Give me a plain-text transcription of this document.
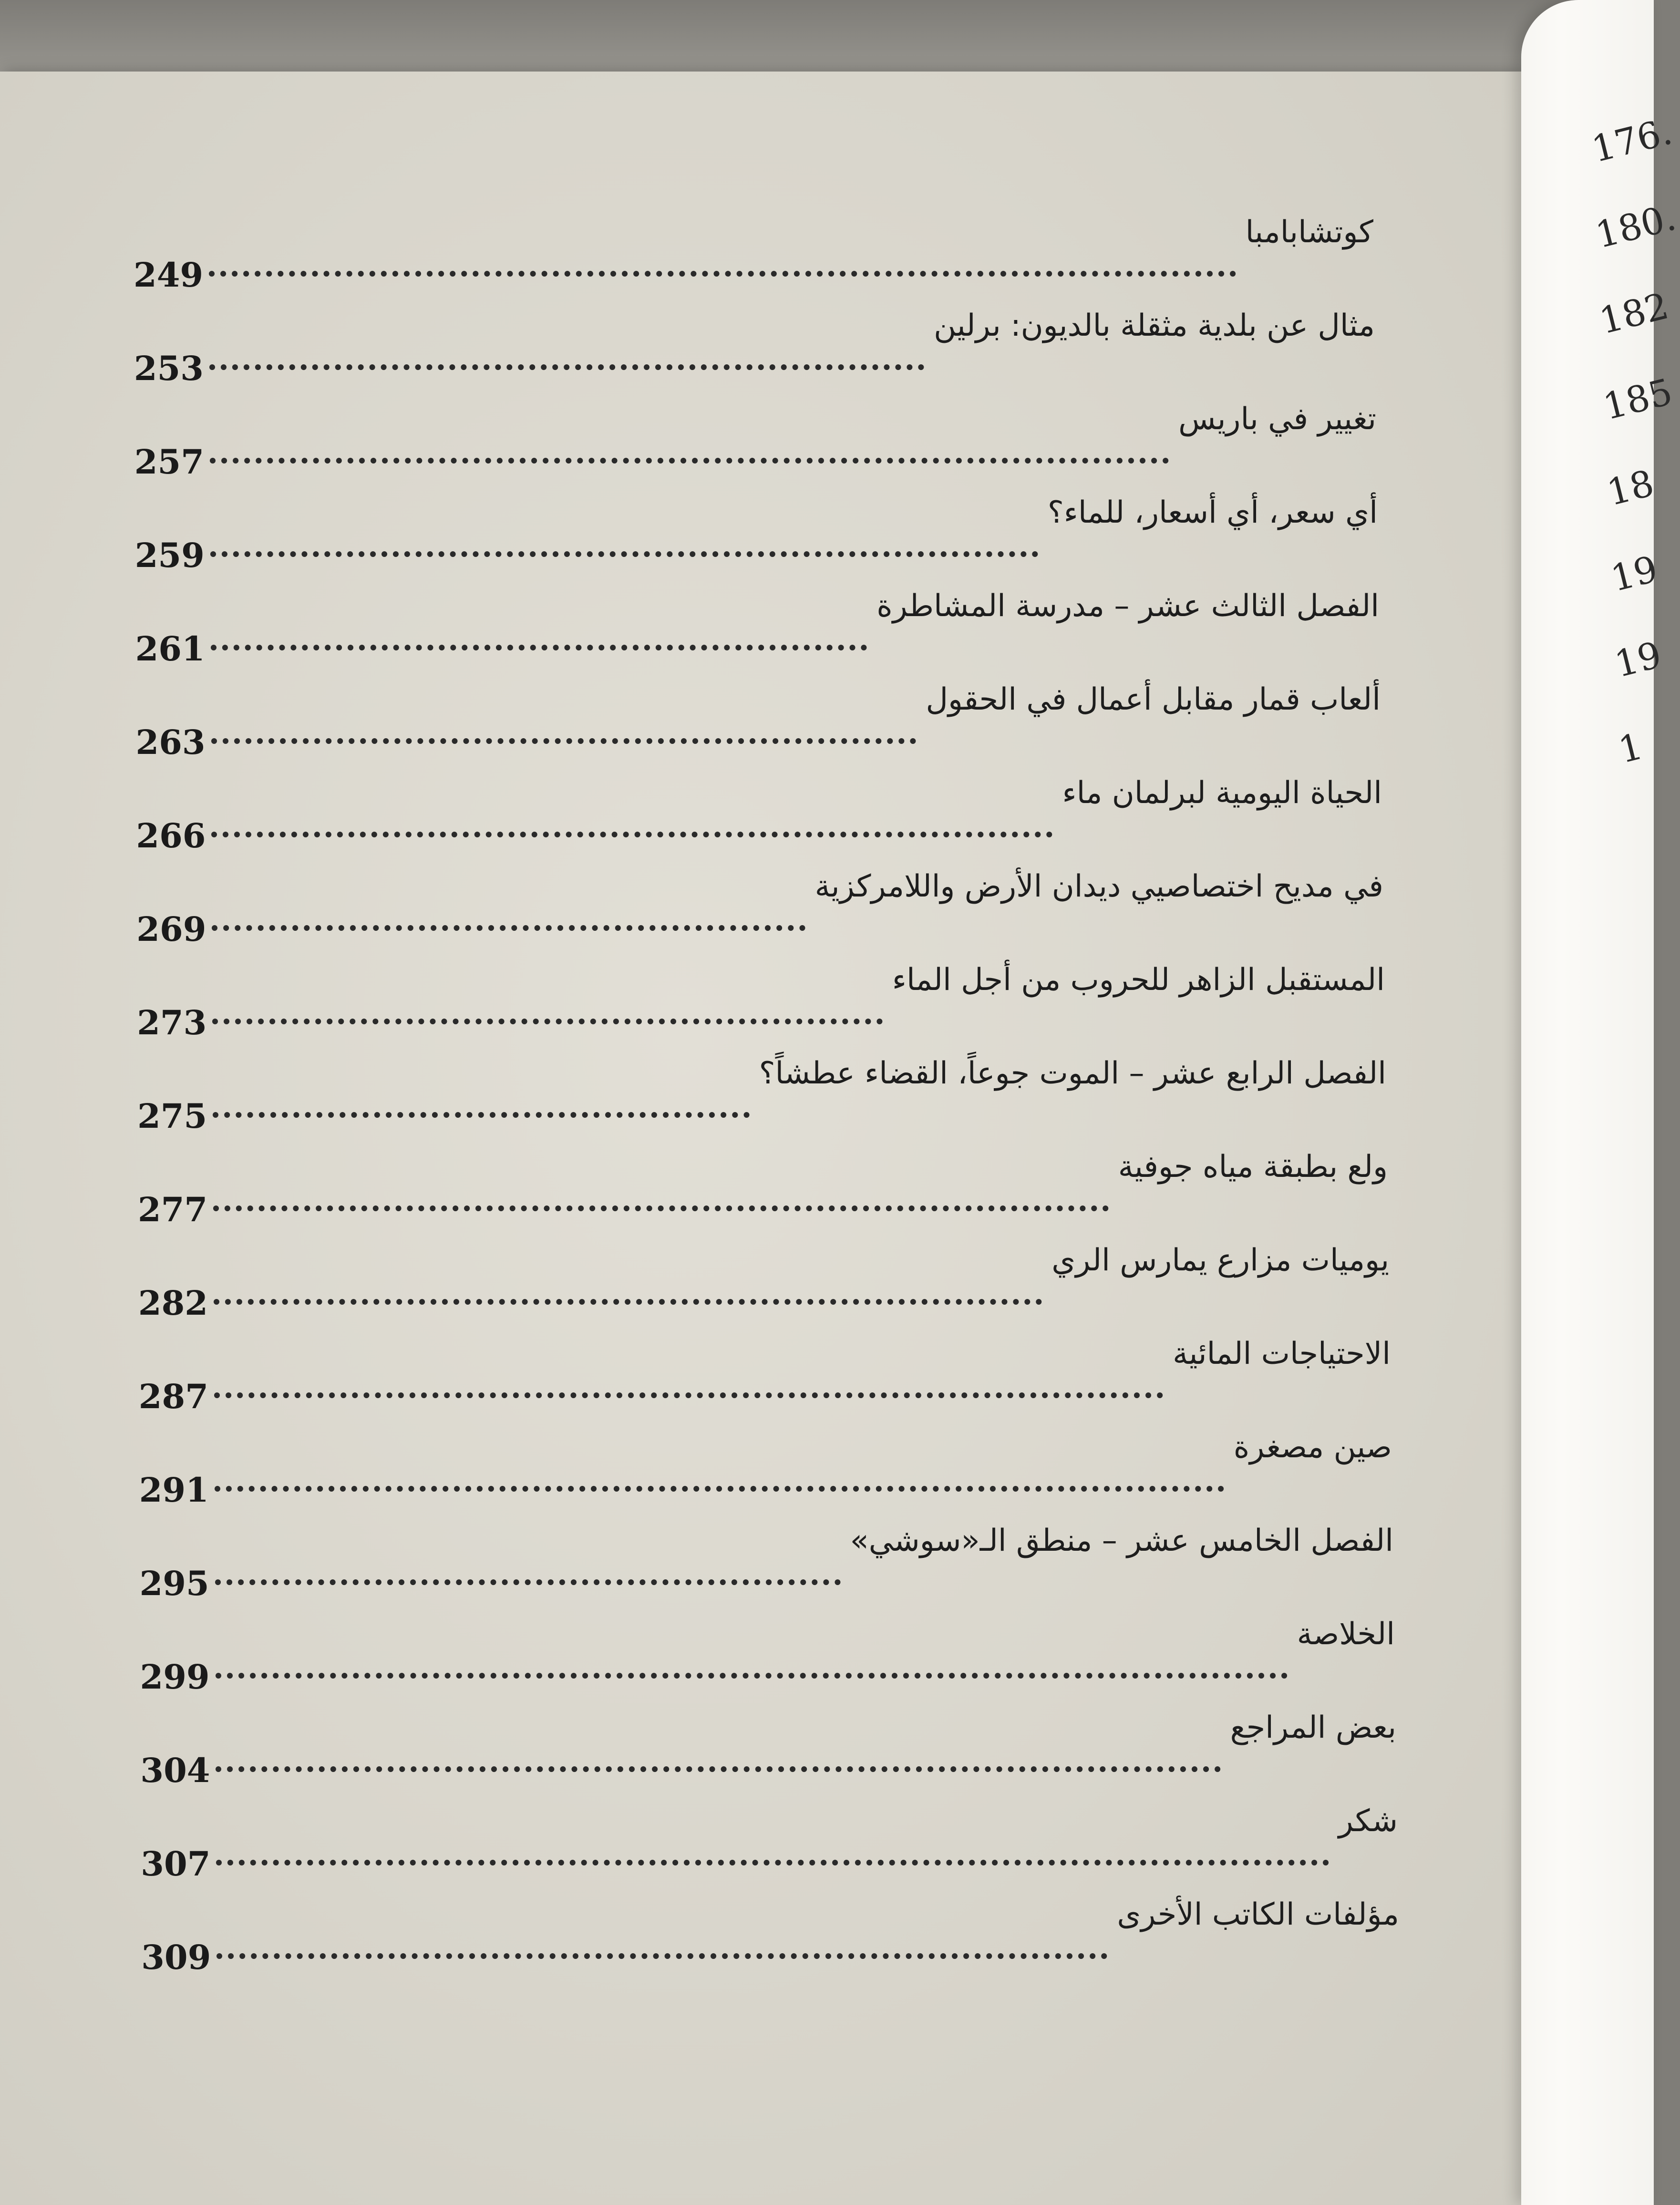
كوتشابامبا
249
مثال عن بلدية مثقلة بالديون: برلين
253
تغيير في باريس
257
أي سعر، أي أسعار، للماء؟
259
الفصل الثالث عشر – مدرسة المشاطرة
261
ألعاب قمار مقابل أعمال في الحقول
263
الحياة اليومية لبرلمان ماء
266
في مديح اختصاصيي ديدان الأرض واللامركزية
269
المستقبل الزاهر للحروب من أجل الماء
273
الفصل الرابع عشر – الموت جوعاً، القضاء عطشاً؟
275
ولع بطبقة مياه جوفية
277
يوميات مزارع يمارس الري
282
الاحتياجات المائية
287
صين مصغرة
291
الفصل الخامس عشر – منطق الـ«سوشي»
295
الخلاصة
299
بعض المراجع
304
شكر
307
مؤلفات الكاتب الأخرى
309
176.
180.
182
185
18
19
19
1
